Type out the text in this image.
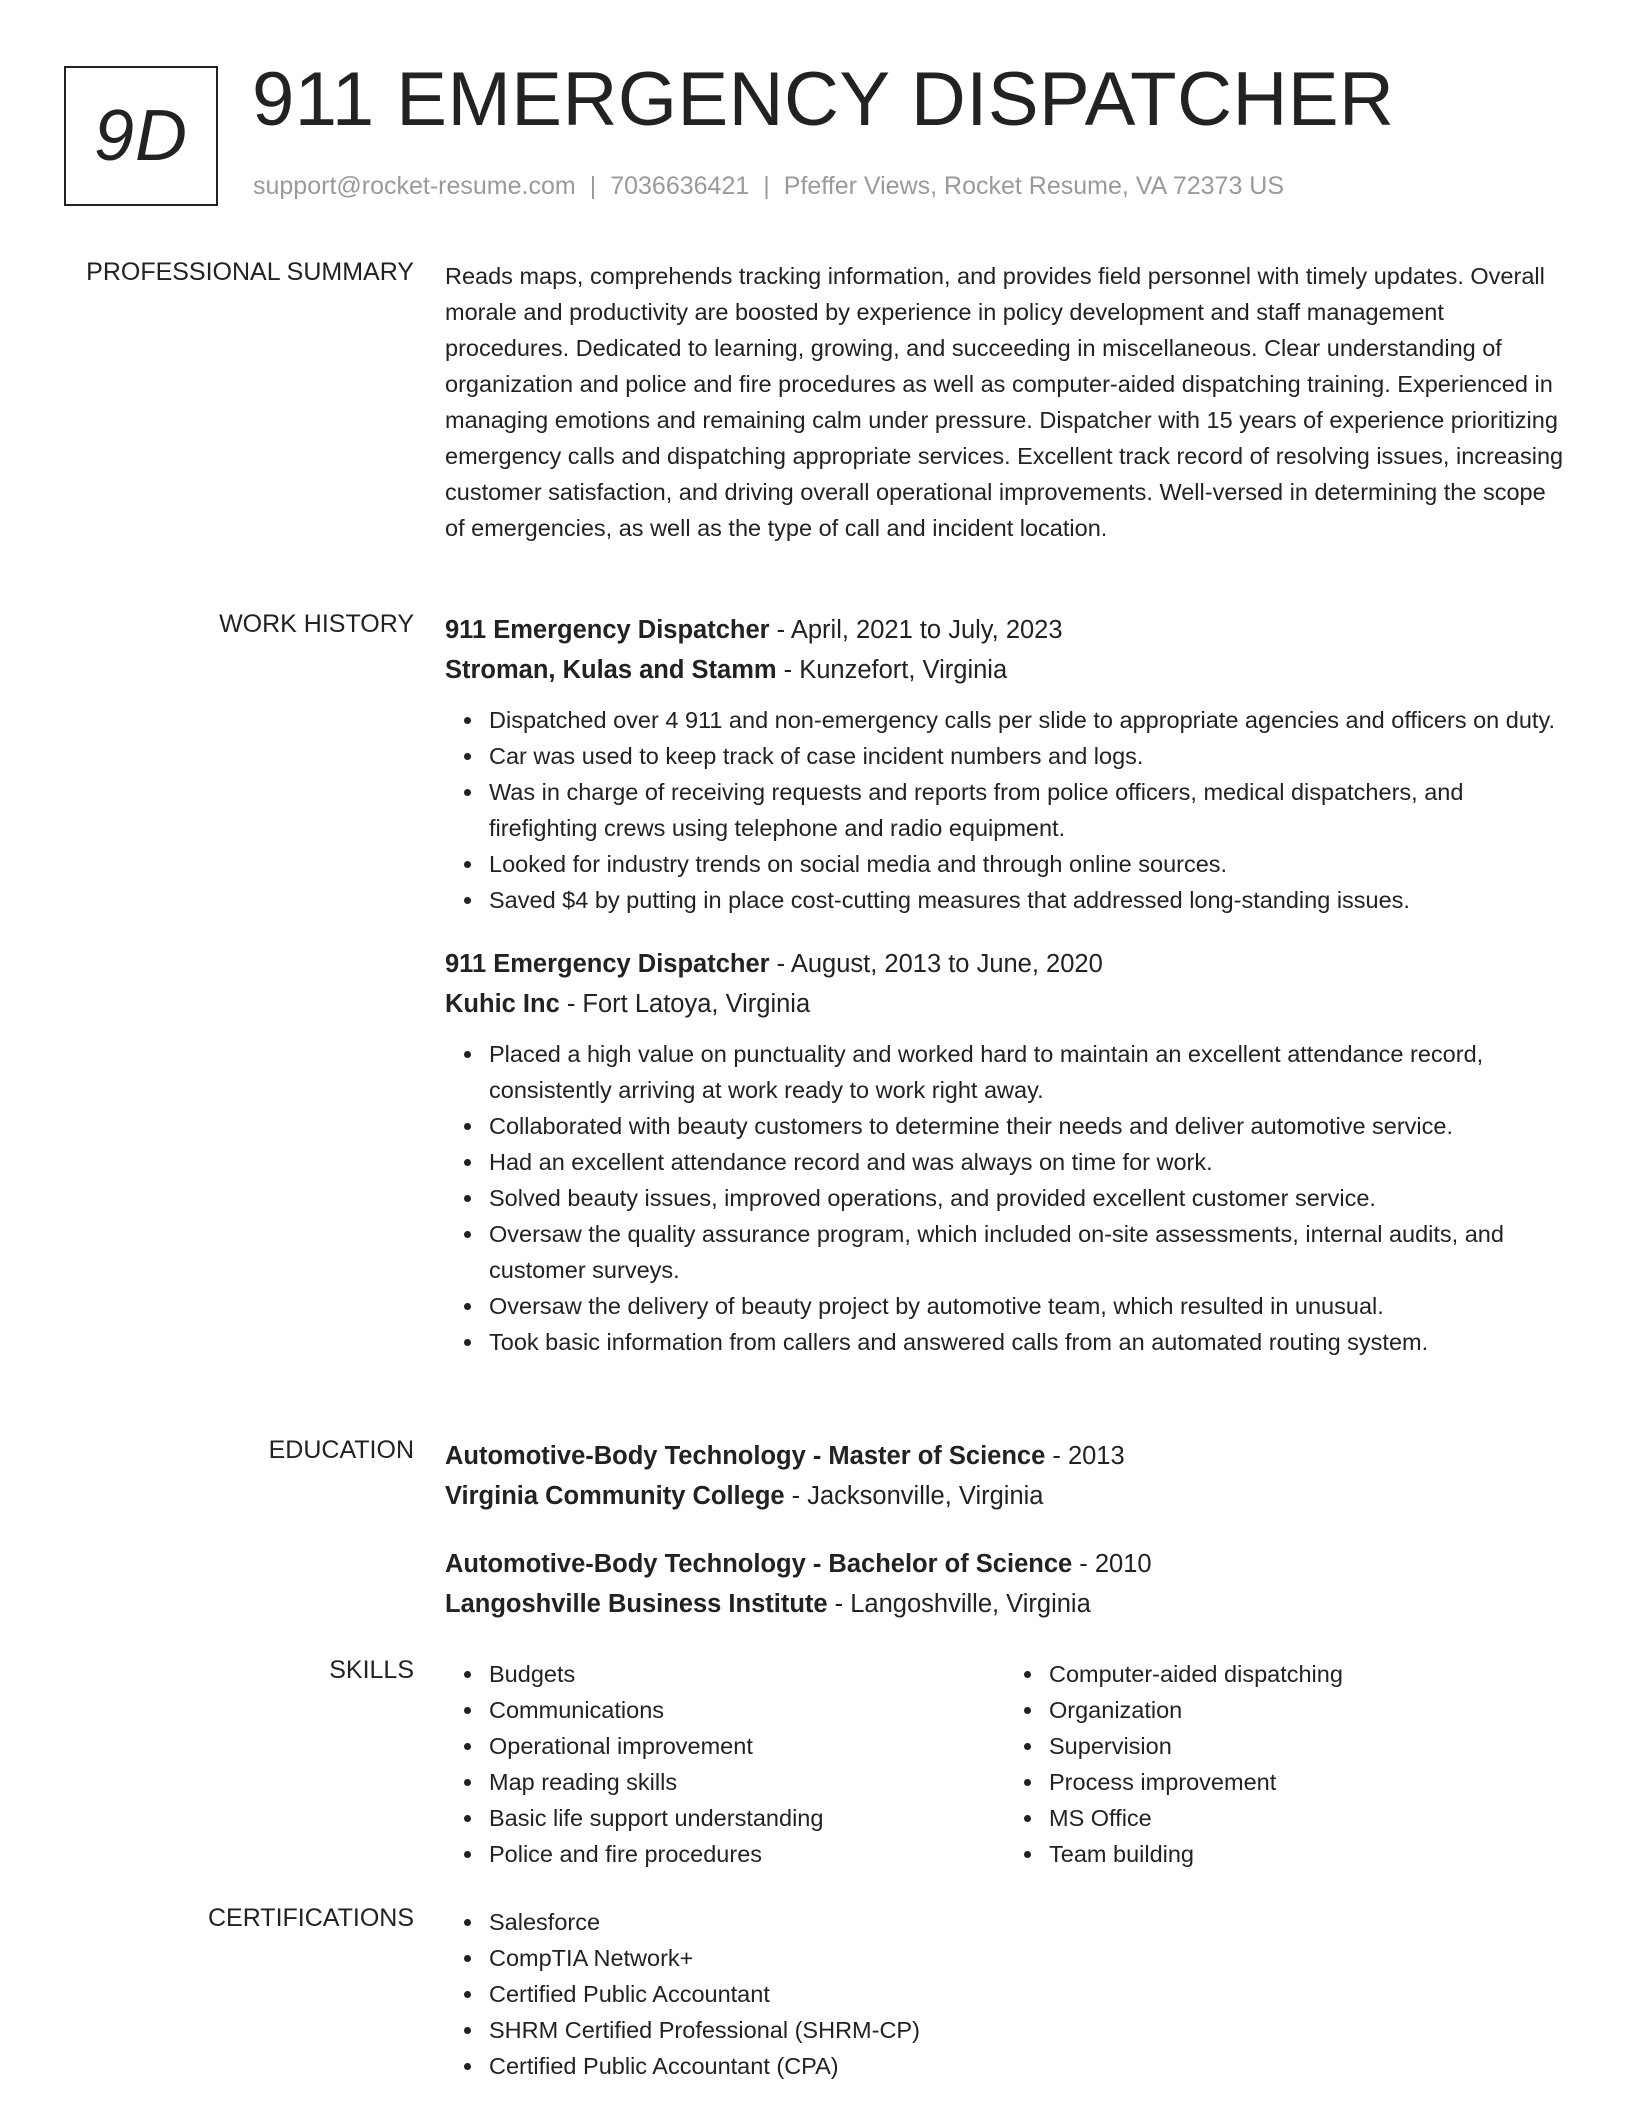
9D 911 EMERGENCY DISPATCHER
support@rocket-resume.com | 7036636421 | Pfeffer Views, Rocket Resume, VA 72373 US
PROFESSIONAL SUMMARY Reads maps, comprehends tracking information, and provides field personnel with timely updates. Overall morale and productivity are boosted by experience in policy development and staff management procedures. Dedicated to learning, growing, and succeeding in miscellaneous. Clear understanding of organization and police and fire procedures as well as computer-aided dispatching training. Experienced in managing emotions and remaining calm under pressure. Dispatcher with 15 years of experience prioritizing emergency calls and dispatching appropriate services. Excellent track record of resolving issues, increasing customer satisfaction, and driving overall operational improvements. Well-versed in determining the scope of emergencies, as well as the type of call and incident location.

WORK HISTORY 911 Emergency Dispatcher - April, 2021 to July, 2023
Stroman, Kulas and Stamm - Kunzefort, Virginia
Dispatched over 4 911 and non-emergency calls per slide to appropriate agencies and officers on duty.
Car was used to keep track of case incident numbers and logs.
Was in charge of receiving requests and reports from police officers, medical dispatchers, and firefighting crews using telephone and radio equipment.
Looked for industry trends on social media and through online sources.
Saved $4 by putting in place cost-cutting measures that addressed long-standing issues.
911 Emergency Dispatcher - August, 2013 to June, 2020
Kuhic Inc - Fort Latoya, Virginia
Placed a high value on punctuality and worked hard to maintain an excellent attendance record, consistently arriving at work ready to work right away.
Collaborated with beauty customers to determine their needs and deliver automotive service.
Had an excellent attendance record and was always on time for work.
Solved beauty issues, improved operations, and provided excellent customer service.
Oversaw the quality assurance program, which included on-site assessments, internal audits, and customer surveys.
Oversaw the delivery of beauty project by automotive team, which resulted in unusual.
Took basic information from callers and answered calls from an automated routing system.
EDUCATION Automotive-Body Technology - Master of Science - 2013
Virginia Community College - Jacksonville, Virginia
Automotive-Body Technology - Bachelor of Science - 2010
Langoshville Business Institute - Langoshville, Virginia
SKILLS	Budgets
Communications
Operational improvement
Map reading skills
Basic life support understanding
Police and fire procedures
Computer-aided dispatching
Organization
Supervision
Process improvement
MS Office
Team building
CERTIFICATIONS	Salesforce
CompTIA Network+
Certified Public Accountant
SHRM Certified Professional (SHRM-CP)
Certified Public Accountant (CPA)
